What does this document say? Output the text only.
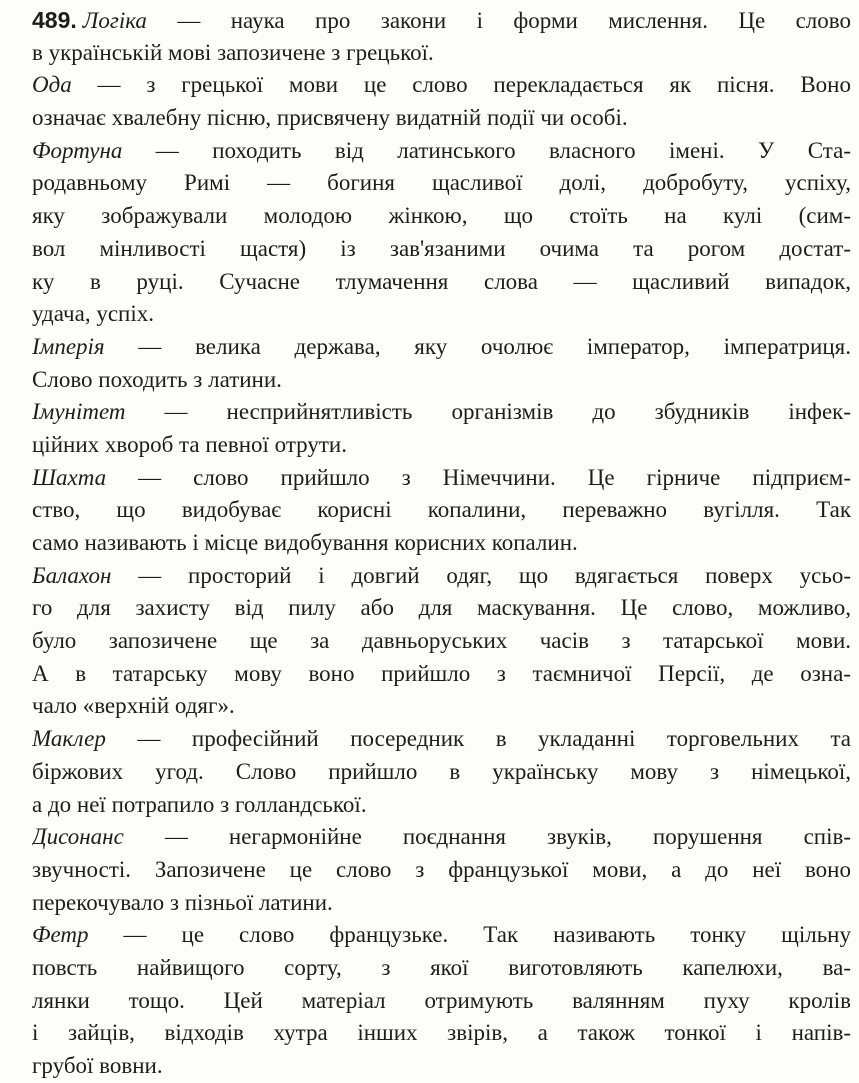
489. Логіка — наука про закони і форми мислення. Це слово
в українській мові запозичене з грецької.
Ода — з грецької мови це слово перекладається як пісня. Воно
означає хвалебну пісню, присвячену видатній події чи особі.
Фортуна — походить від латинського власного імені. У Ста-
родавньому Римі — богиня щасливої долі, добробуту, успіху,
яку зображували молодою жінкою, що стоїть на кулі (сим-
вол мінливості щастя) із зав'язаними очима та рогом достат-
ку в руці. Сучасне тлумачення слова — щасливий випадок,
удача, успіх.
Імперія — велика держава, яку очолює імператор, імператриця.
Слово походить з латини.
Імунітет — несприйнятливість організмів до збудників інфек-
ційних хвороб та певної отрути.
Шахта — слово прийшло з Німеччини. Це гірниче підприєм-
ство, що видобуває корисні копалини, переважно вугілля. Так
само називають і місце видобування корисних копалин.
Балахон — просторий і довгий одяг, що вдягається поверх усьо-
го для захисту від пилу або для маскування. Це слово, можливо,
було запозичене ще за давньоруських часів з татарської мови.
А в татарську мову воно прийшло з таємничої Персії, де озна-
чало «верхній одяг».
Маклер — професійний посередник в укладанні торговельних та
біржових угод. Слово прийшло в українську мову з німецької,
а до неї потрапило з голландської.
Дисонанс — негармонійне поєднання звуків, порушення спів-
звучності. Запозичене це слово з французької мови, а до неї воно
перекочувало з пізньої латини.
Фетр — це слово французьке. Так називають тонку щільну
повсть найвищого сорту, з якої виготовляють капелюхи, ва-
лянки тощо. Цей матеріал отримують валянням пуху кролів
і зайців, відходів хутра інших звірів, а також тонкої і напів-
грубої вовни.
